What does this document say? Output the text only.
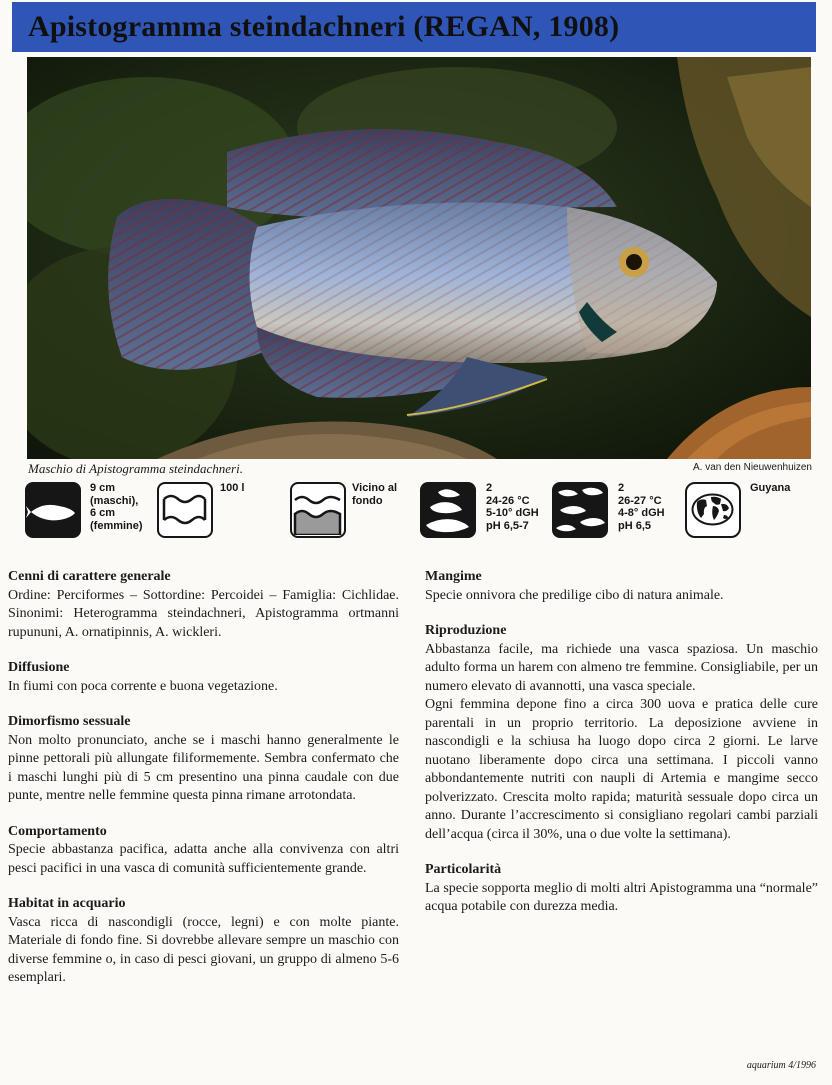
Apistogramma steindachneri (REGAN, 1908)
Maschio di Apistogramma steindachneri.	A. van den Nieuwenhuizen
9 cm
(maschi),
6 cm
(femmine)
100 l	Vicino al
fondo
2
24-26 °C
5-10° dGH
pH 6,5-7
2
26-27 °C
4-8° dGH
pH 6,5
Guyana
Cenni di carattere generale

Ordine: Perciformes – Sottordine: Percoidei – Famiglia: Cichlidae. Sinonimi: Heterogramma steindachneri, Apistogramma ortmanni rupununi, A. ornatipinnis, A. wickleri.

Diffusione

In fiumi con poca corrente e buona vegetazione.

Dimorfismo sessuale

Non molto pronunciato, anche se i maschi hanno generalmente le pinne pettorali più allungate filiformemente. Sembra confermato che i maschi lunghi più di 5 cm presentino una pinna caudale con due punte, mentre nelle femmine questa pinna rimane arrotondata.

Comportamento

Specie abbastanza pacifica, adatta anche alla convivenza con altri pesci pacifici in una vasca di comunità sufficientemente grande.

Habitat in acquario

Vasca ricca di nascondigli (rocce, legni) e con molte piante. Materiale di fondo fine. Si dovrebbe allevare sempre un maschio con diverse femmine o, in caso di pesci giovani, un gruppo di almeno 5-6 esemplari.

Mangime

Specie onnivora che predilige cibo di natura animale.

Riproduzione

Abbastanza facile, ma richiede una vasca spaziosa. Un maschio adulto forma un harem con almeno tre femmine. Consigliabile, per un numero elevato di avannotti, una vasca speciale.

Ogni femmina depone fino a circa 300 uova e pratica delle cure parentali in un proprio territorio. La deposizione avviene in nascondigli e la schiusa ha luogo dopo circa 2 giorni. Le larve nuotano liberamente dopo circa una settimana. I piccoli vanno abbondantemente nutriti con naupli di Artemia e mangime secco polverizzato. Crescita molto rapida; maturità sessuale dopo circa un anno. Durante l’accrescimento si consigliano regolari cambi parziali dell’acqua (circa il 30%, una o due volte la settimana).

Particolarità

La specie sopporta meglio di molti altri Apistogramma una “normale” acqua potabile con durezza media.

aquarium 4/1996
